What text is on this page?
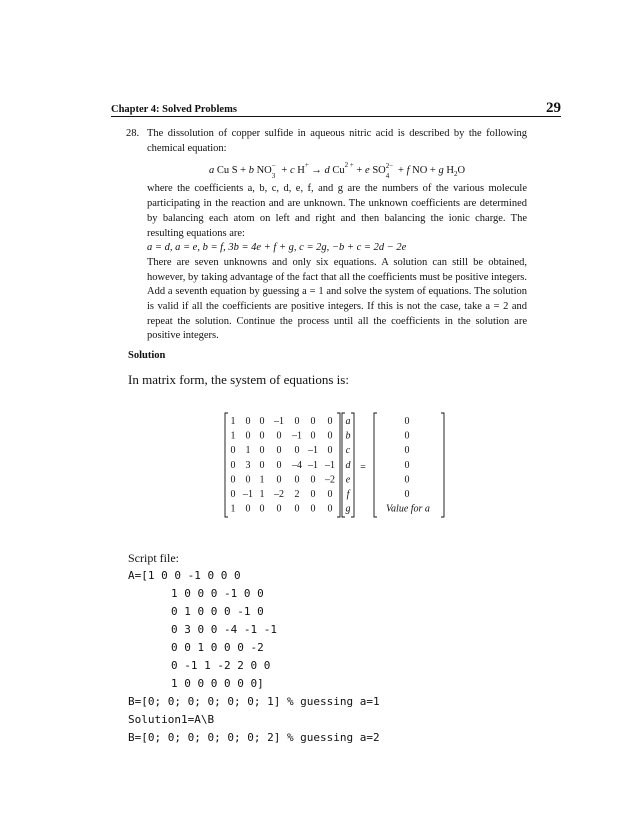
Chapter 4: Solved Problems	29
28. The dissolution of copper sulfide in aqueous nitric acid is described by the following chemical equation:

a Cu S + b NO −
3 + c H+ → d $Cu^{2 +} + e$ SO 2−
4 + f NO + g $H_2O$

where the coefficients a, b, c, d, e, f, and g are the numbers of the various molecule participating in the reaction and are unknown. The unknown coefficients are determined by balancing each atom on left and right and then balancing the ionic charge. The resulting equations are:

a = d, a = e, b = f, 3b = 4e + f + g, c = 2g, −b + c = 2d − 2e

There are seven unknowns and only six equations. A solution can still be obtained, however, by taking advantage of the fact that all the coefficients must be positive integers. Add a seventh equation by guessing a = 1 and solve the system of equations. The solution is valid if all the coefficients are positive integers. If this is not the case, take a = 2 and repeat the solution. Continue the process until all the coefficients in the solution are positive integers.

Solution
In matrix form, the system of equations is:
1 0 0 –1 0 0 0
1 0 0 0 –1 0 0
0 1 0 0 0 –1 0
0 3 0 0 –4 –1 –1
0 0 1 0 0 0 –2
0 –1 1 –2 2 0 0
1 0 0 0 0 0 0
a
b
c
d
e
f
g
=
0
0
0
0
0
0
Value for a
Script file:
A=[1 0 0 -1 0 0 0
1 0 0 0 -1 0 0
0 1 0 0 0 -1 0
0 3 0 0 -4 -1 -1
0 0 1 0 0 0 -2
0 -1 1 -2 2 0 0
1 0 0 0 0 0 0]
B=[0; 0; 0; 0; 0; 0; 1] % guessing a=1
Solution1=A\B
B=[0; 0; 0; 0; 0; 0; 2] % guessing a=2
